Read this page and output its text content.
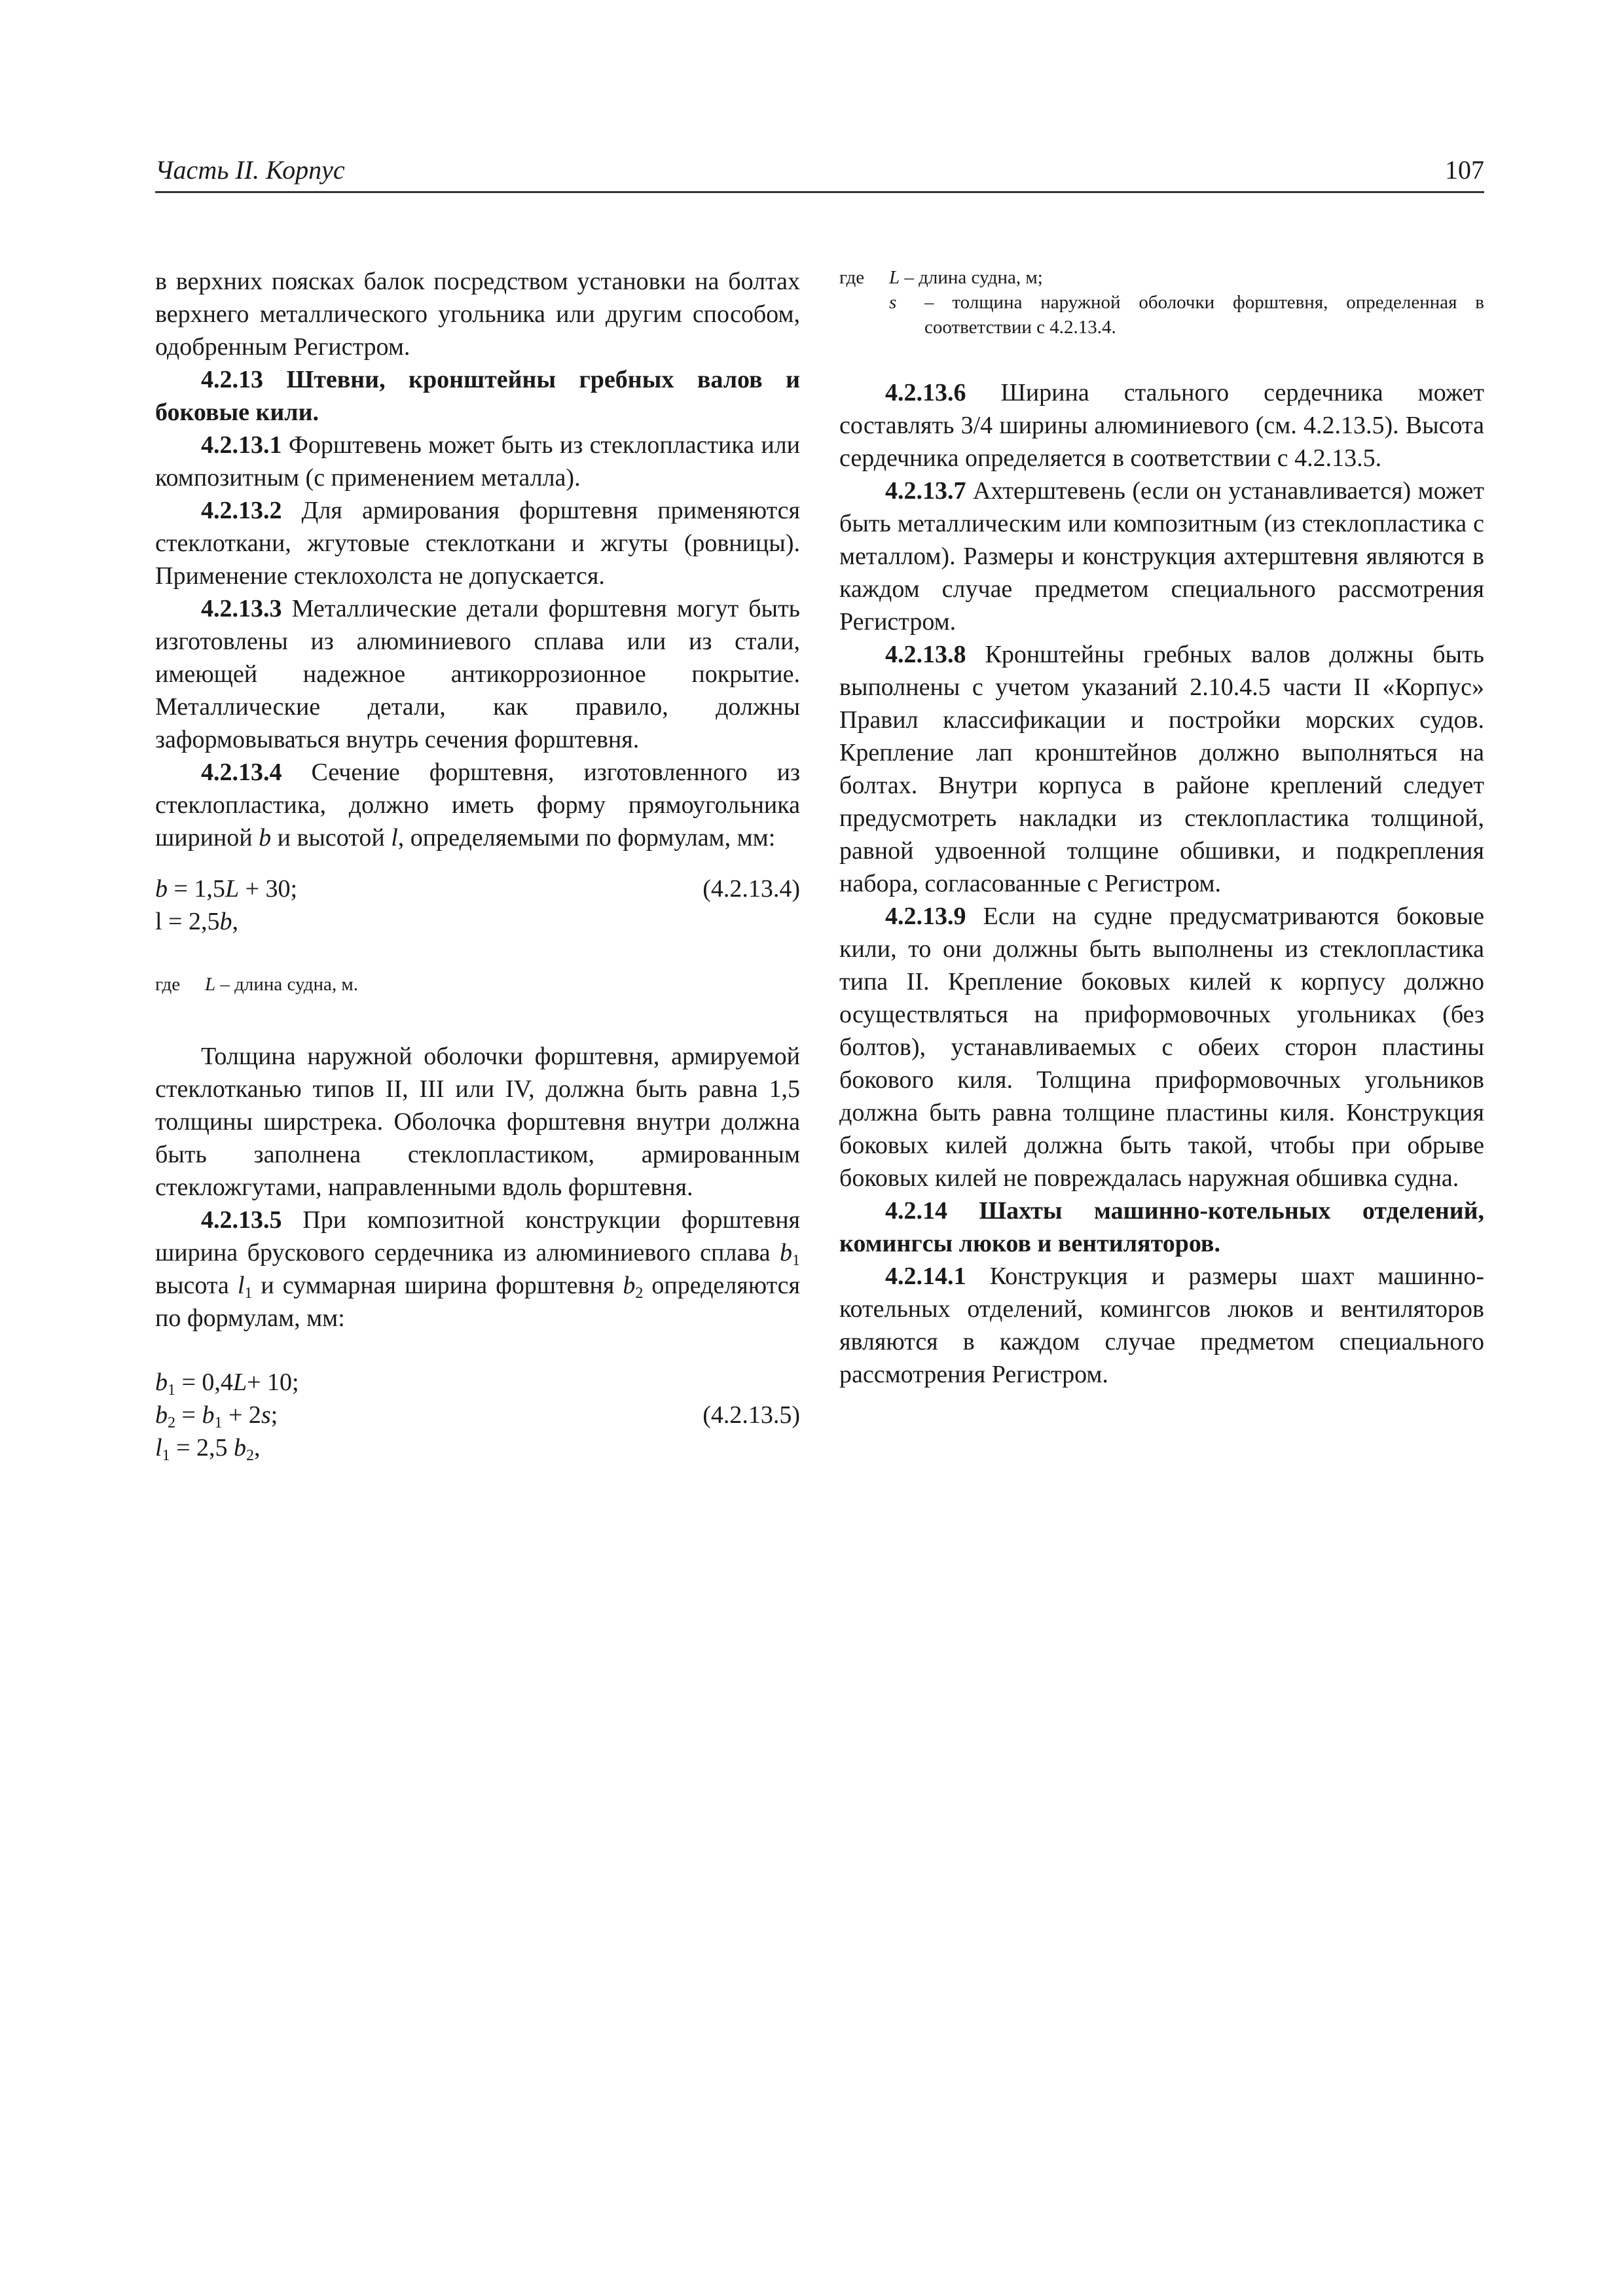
Часть II. Корпус	107

в верхних поясках балок посредством установки на болтах верхнего металлического угольника или другим способом, одобренным Регистром.

4.2.13 Штевни, кронштейны гребных валов и боковые кили.

4.2.13.1 Форштевень может быть из стеклопластика или композитным (с применением металла).

4.2.13.2 Для армирования форштевня применяются стеклоткани, жгутовые стеклоткани и жгуты (ровницы). Применение стеклохолста не допускается.

4.2.13.3 Металлические детали форштевня могут быть изготовлены из алюминиевого сплава или из стали, имеющей надежное антикоррозионное покрытие. Металлические детали, как правило, должны заформовываться внутрь сечения форштевня.

4.2.13.4 Сечение форштевня, изготовленного из стеклопластика, должно иметь форму прямоугольника шириной b и высотой l, определяемыми по формулам, мм:

b = 1,5L + 30;	(4.2.13.4)
l = 2,5b,
где L – длина судна, м.

Толщина наружной оболочки форштевня, армируемой стеклотканью типов II, III или IV, должна быть равна 1,5 толщины ширстрека. Оболочка форштевня внутри должна быть заполнена стеклопластиком, армированным стекложгутами, направленными вдоль форштевня.

4.2.13.5 При композитной конструкции форштевня ширина брускового сердечника из алюминиевого сплава $b_1$ высота $l_1$ и суммарная ширина форштевня $b_2$ определяются по формулам, мм:

$b_1 = 0,4L+ 10$;
$b_2 = b_1 + 2s$;	(4.2.13.5)
$l_1 = 2,5$ $b_2$,
где L – длина судна, м;
s – толщина наружной оболочки форштевня, определенная в соответствии с 4.2.13.4.

4.2.13.6 Ширина стального сердечника может составлять 3/4 ширины алюминиевого (см. 4.2.13.5). Высота сердечника определяется в соответствии с 4.2.13.5.

4.2.13.7 Ахтерштевень (если он устанавливается) может быть металлическим или композитным (из стеклопластика с металлом). Размеры и конструкция ахтерштевня являются в каждом случае предметом специального рассмотрения Регистром.

4.2.13.8 Кронштейны гребных валов должны быть выполнены с учетом указаний 2.10.4.5 части II «Корпус» Правил классификации и постройки морских судов. Крепление лап кронштейнов должно выполняться на болтах. Внутри корпуса в районе креплений следует предусмотреть накладки из стеклопластика толщиной, равной удвоенной толщине обшивки, и подкрепления набора, согласованные с Регистром.

4.2.13.9 Если на судне предусматриваются боковые кили, то они должны быть выполнены из стеклопластика типа II. Крепление боковых килей к корпусу должно осуществляться на приформовочных угольниках (без болтов), устанавливаемых с обеих сторон пластины бокового киля. Толщина приформовочных угольников должна быть равна толщине пластины киля. Конструкция боковых килей должна быть такой, чтобы при обрыве боковых килей не повреждалась наружная обшивка судна.

4.2.14 Шахты машинно-котельных отделений, комингсы люков и вентиляторов.

4.2.14.1 Конструкция и размеры шахт машинно-котельных отделений, комингсов люков и вентиляторов являются в каждом случае предметом специального рассмотрения Регистром.
